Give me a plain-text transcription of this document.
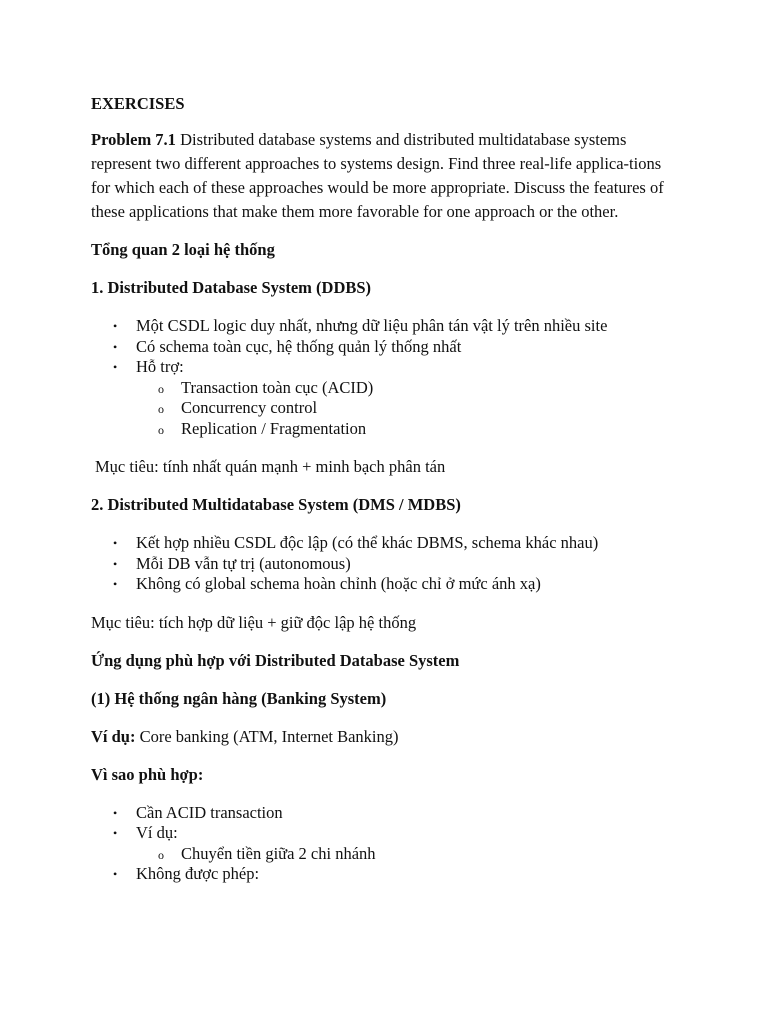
EXERCISES
Problem 7.1 Distributed database systems and distributed multidatabase systems represent two different approaches to systems design. Find three real-life applica-tions for which each of these approaches would be more appropriate. Discuss the features of these applications that make them more favorable for one approach or the other.
Tổng quan 2 loại hệ thống
1. Distributed Database System (DDBS)
• Một CSDL logic duy nhất, nhưng dữ liệu phân tán vật lý trên nhiều site
• Có schema toàn cục, hệ thống quản lý thống nhất
• Hỗ trợ:
o Transaction toàn cục (ACID)
o Concurrency control
o Replication / Fragmentation
Mục tiêu: tính nhất quán mạnh + minh bạch phân tán
2. Distributed Multidatabase System (DMS / MDBS)
• Kết hợp nhiều CSDL độc lập (có thể khác DBMS, schema khác nhau)
• Mỗi DB vẫn tự trị (autonomous)
• Không có global schema hoàn chỉnh (hoặc chỉ ở mức ánh xạ)
Mục tiêu: tích hợp dữ liệu + giữ độc lập hệ thống
Ứng dụng phù hợp với Distributed Database System
(1) Hệ thống ngân hàng (Banking System)
Ví dụ: Core banking (ATM, Internet Banking)
Vì sao phù hợp:
• Cần ACID transaction
• Ví dụ:
o Chuyển tiền giữa 2 chi nhánh
• Không được phép:
